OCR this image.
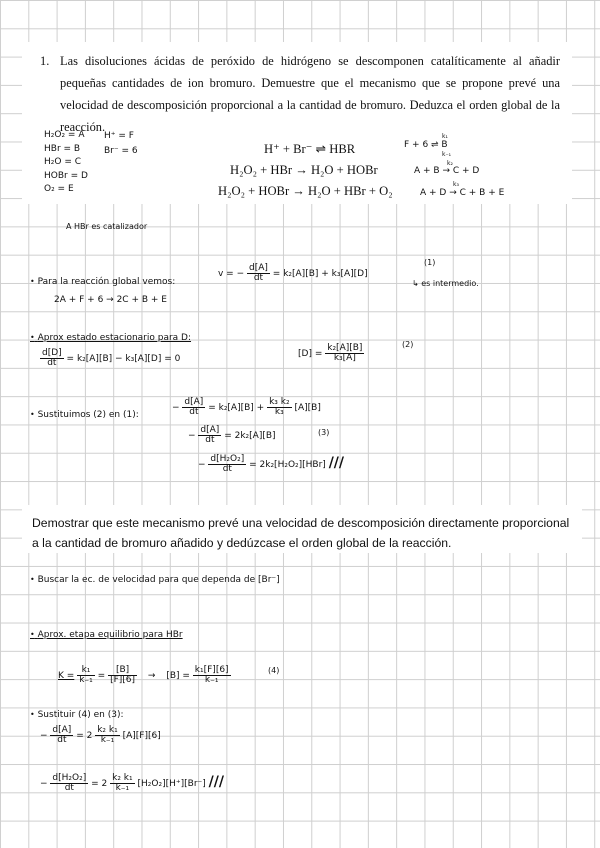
1. Las disoluciones ácidas de peróxido de hidrógeno se descomponen catalíticamente al añadir pequeñas cantidades de ion bromuro. Demuestre que el mecanismo que se propone prevé una velocidad de descomposición proporcional a la cantidad de bromuro. Deduzca el orden global de la reacción.
H₂O₂ = A
HBr = B
H₂O = C
HOBr = D
O₂ = E
H⁺ = F
Br⁻ = 6	H⁺ + Br⁻ ⇌ HBR
H₂O₂ + HBr → H₂O + HOBr
H₂O₂ + HOBr → H₂O + HBr + O₂
F + 6 ⇌ B
k₁
k₋₁
A + B → C + D
k₂
A + D → C + B + E
k₃
A HBr es catalizador
• Para la reacción global vemos:
v = − $\frac{d[A]}{dt} = k_2[A][B] + k_3[A][D]$
(1)
↳ es intermedio.
2A + F + 6 → 2C + B + E
• Aprox estado estacionario para D:
$\frac{d[D]}{dt} = k_2[A][B] - k_3[A][D] = 0$	$[D] = \frac{\text{k₂[A][B]}}{\text{k₃[A]}}$	(2)
• Sustituimos (2) en (1):
− $\frac{d[A]}{dt} = k_2[A][B] + \frac{\text{k₃ k₂}}{\text{k₃}} [A][B]$
− $\frac{d[A]}{dt} = 2k_2[A][B]$	(3)
− $\frac{\text{d[H₂O₂]}}{dt} = 2k_2[H_2O_2][HBr]$ ///
Demostrar que este mecanismo prevé una velocidad de descomposición directamente proporcional a la cantidad de bromuro añadido y dedúzcase el orden global de la reacción.
• Buscar la ec. de velocidad para que dependa de [Br⁻]
• Aprox. etapa equilibrio para HBr
$K = \frac{\text{k₁}}{\text{k₋₁}} = \frac{[B]}{[F][6]} \to [B] = \frac{\text{k₁[F][6]}}{\text{k₋₁}}$	(4)
• Sustituir (4) en (3):
− $\frac{d[A]}{dt} = 2 \frac{\text{k₂ k₁}}{\text{k₋₁}} [A][F][6]$
− $\frac{\text{d[H₂O₂]}}{dt} = 2 \frac{\text{k₂ k₁}}{\text{k₋₁}} [H_2O_2][H^+][Br^-]$ ///
